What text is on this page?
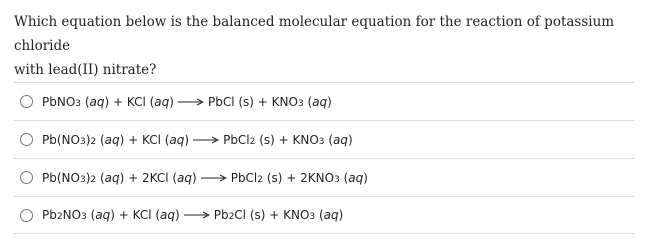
Which equation below is the balanced molecular equation for the reaction of potassium chloride
with lead(II) nitrate?
PbNO 3 ( aq ) + KCl ( aq ) → PbCl (s) + KNO 3 ( aq )
Pb(NO 3 ) 2 ( aq ) + KCl ( aq ) → PbCl 2 (s) + KNO 3 ( aq )
Pb(NO 3 ) 2 ( aq ) + 2KCl ( aq ) → PbCl 2 (s) + 2KNO 3 ( aq )
Pb 2 NO 3 ( aq ) + KCl ( aq ) → Pb 2 Cl (s) + KNO 3 ( aq )
